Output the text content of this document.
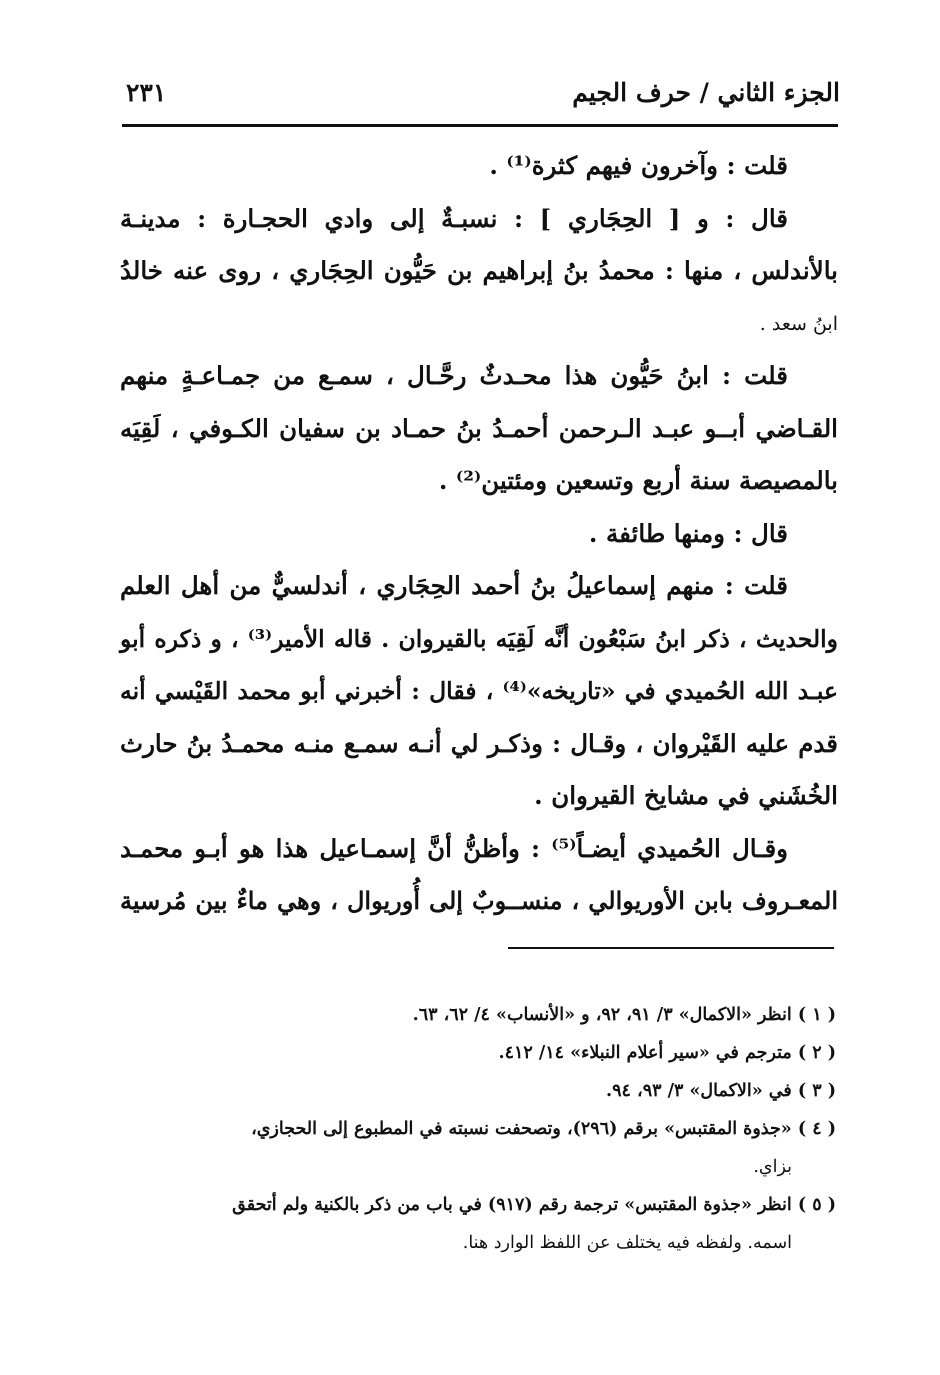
الجزء الثاني / حرف الجيم
٢٣١
قلت : وآخرون فيهم كثرة⁽¹⁾ .
قال : و [ الحِجَاري ] : نسبـةٌ إلى وادي الحجـارة : مدينـة
بالأندلس ، منها : محمدُ بنُ إبراهيم بن حَيُّون الحِجَاري ، روى عنه خالدُ
ابنُ سعد .
قلت : ابنُ حَيُّون هذا محـدثٌ رحَّـال ، سمـع من جمـاعـةٍ منهم
القـاضي أبــو عبـد الـرحمن أحمـدُ بنُ حمـاد بن سفيان الكـوفي ، لَقِيَه
بالمصيصة سنة أربع وتسعين ومئتين⁽²⁾ .
قال : ومنها طائفة .
قلت : منهم إسماعيلُ بنُ أحمد الحِجَاري ، أندلسيٌّ من أهل العلم
والحديث ، ذكر ابنُ سَبْعُون أنَّه لَقِيَه بالقيروان . قاله الأمير⁽³⁾ ، و ذكره أبو
عبـد الله الحُميدي في «تاريخه»⁽⁴⁾ ، فقال : أخبرني أبو محمد القَيْسي أنه
قدم عليه القَيْروان ، وقـال : وذكـر لي أنـه سمـع منـه محمـدُ بنُ حارث
الخُشَني في مشايخ القيروان .
وقـال الحُميدي أيضـاً⁽⁵⁾ : وأظنُّ أنَّ إسمـاعيل هذا هو أبـو محمـد
المعـروف بابن الأوريوالي ، منســوبٌ إلى أُوريوال ، وهي ماءٌ بين مُرسية
( ١ ) انظر «الاكمال» ٣/ ٩١، ٩٢، و «الأنساب» ٤/ ٦٢، ٦٣.
( ٢ ) مترجم في «سير أعلام النبلاء» ١٤/ ٤١٢.
( ٣ ) في «الاكمال» ٣/ ٩٣، ٩٤.
( ٤ ) «جذوة المقتبس» برقم (٢٩٦)، وتصحفت نسبته في المطبوع إلى الحجازي،
بزاي.
( ٥ ) انظر «جذوة المقتبس» ترجمة رقم (٩١٧) في باب من ذكر بالكنية ولم أتحقق
اسمه. ولفظه فيه يختلف عن اللفظ الوارد هنا.
